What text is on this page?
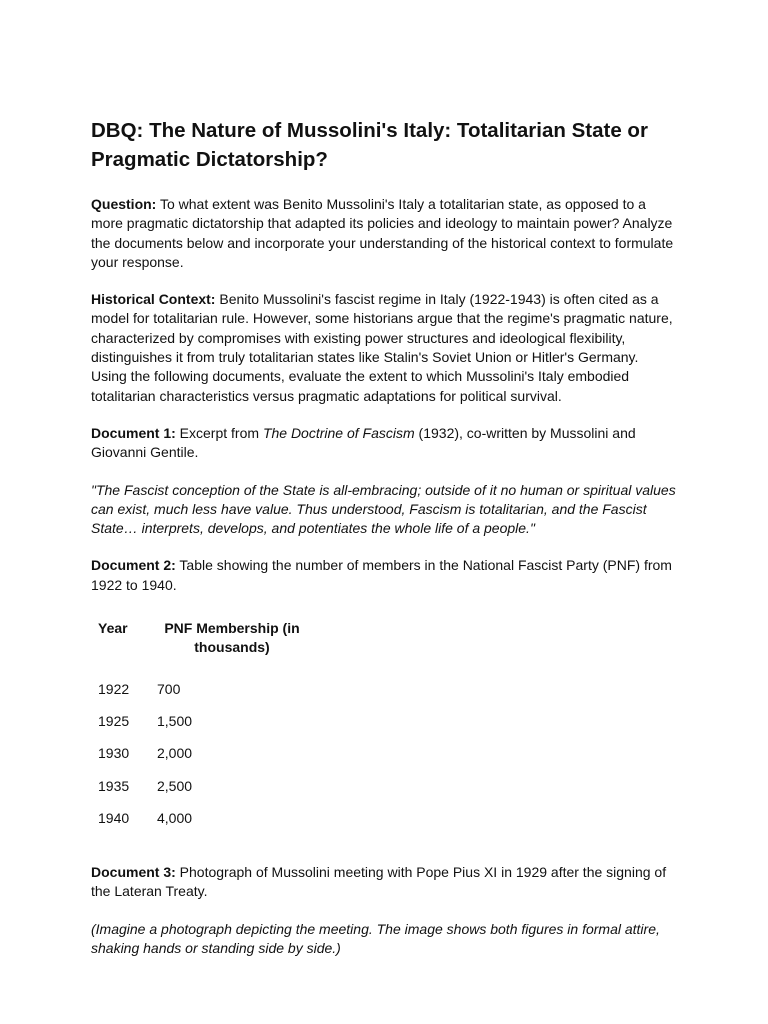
DBQ: The Nature of Mussolini's Italy: Totalitarian State or Pragmatic Dictatorship?

Question: To what extent was Benito Mussolini's Italy a totalitarian state, as opposed to a more pragmatic dictatorship that adapted its policies and ideology to maintain power? Analyze the documents below and incorporate your understanding of the historical context to formulate your response.

Historical Context: Benito Mussolini's fascist regime in Italy (1922-1943) is often cited as a model for totalitarian rule. However, some historians argue that the regime's pragmatic nature, characterized by compromises with existing power structures and ideological flexibility, distinguishes it from truly totalitarian states like Stalin's Soviet Union or Hitler's Germany. Using the following documents, evaluate the extent to which Mussolini's Italy embodied totalitarian characteristics versus pragmatic adaptations for political survival.

Document 1: Excerpt from The Doctrine of Fascism (1932), co-written by Mussolini and Giovanni Gentile.

"The Fascist conception of the State is all-embracing; outside of it no human or spiritual values can exist, much less have value. Thus understood, Fascism is totalitarian, and the Fascist State… interprets, develops, and potentiates the whole life of a people."

Document 2: Table showing the number of members in the National Fascist Party (PNF) from 1922 to 1940.

Year	PNF Membership (in thousands)
1922	700
1925	1,500
1930	2,000
1935	2,500
1940	4,000

Document 3: Photograph of Mussolini meeting with Pope Pius XI in 1929 after the signing of the Lateran Treaty.

(Imagine a photograph depicting the meeting. The image shows both figures in formal attire, shaking hands or standing side by side.)
